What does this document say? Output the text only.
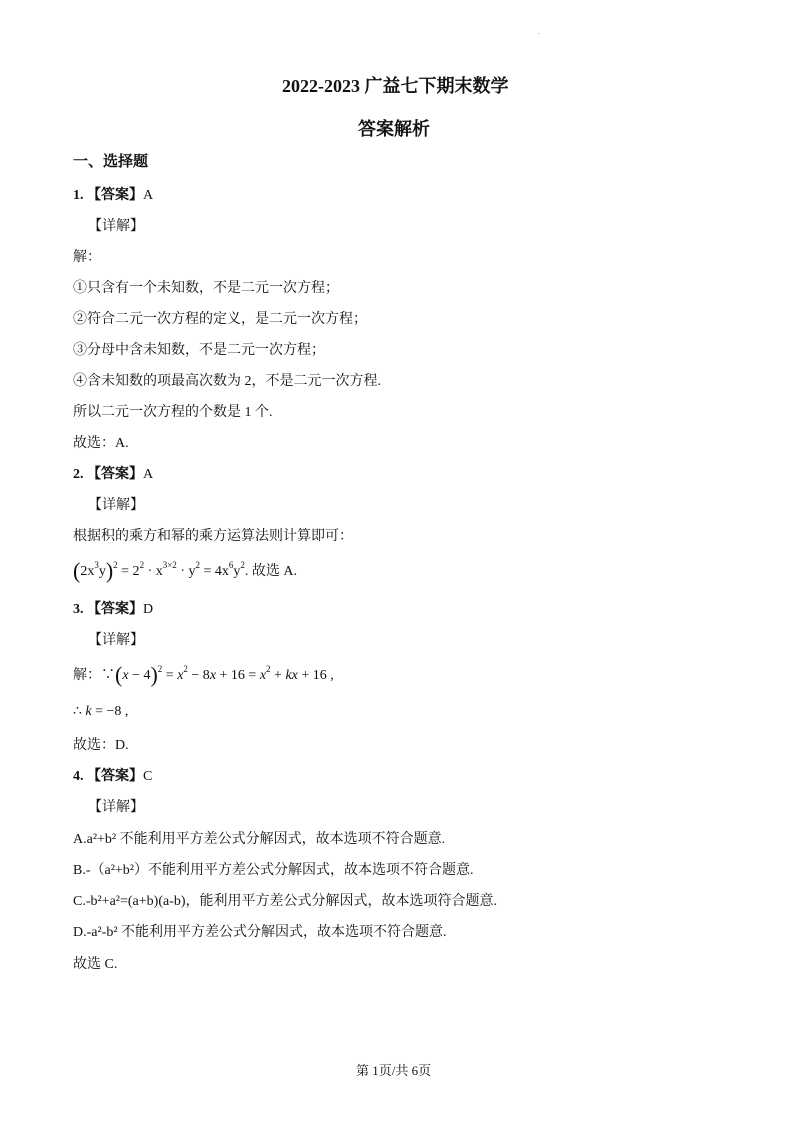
.
2022-2023 广益七下期末数学
答案解析
一、选择题
1. 【答案】A
【详解】
解：
①只含有一个未知数，不是二元一次方程；
②符合二元一次方程的定义，是二元一次方程；
③分母中含未知数，不是二元一次方程；
④含未知数的项最高次数为 2，不是二元一次方程.
所以二元一次方程的个数是 1 个.
故选：A.
2. 【答案】A
【详解】
根据积的乘方和幂的乘方运算法则计算即可：
$(2x^3y)^2 = 2^2 \cdot x^{3\times 2} \cdot y^2 = 4x^6y^2$. 故选 A.
3. 【答案】D
【详解】
解：∵(x − $4)^2 = x^2 - 8x + 16 = x^2$ + kx + 16 ,
∴ k = −8 ,
故选：D.
4. 【答案】C
【详解】
A.a²+b² 不能利用平方差公式分解因式，故本选项不符合题意.
B.-（a²+b²）不能利用平方差公式分解因式，故本选项不符合题意.
C.-b²+a²=(a+b)(a-b)，能利用平方差公式分解因式，故本选项符合题意.
D.-a²-b² 不能利用平方差公式分解因式，故本选项不符合题意.
故选 C.
第 1页/共 6页
